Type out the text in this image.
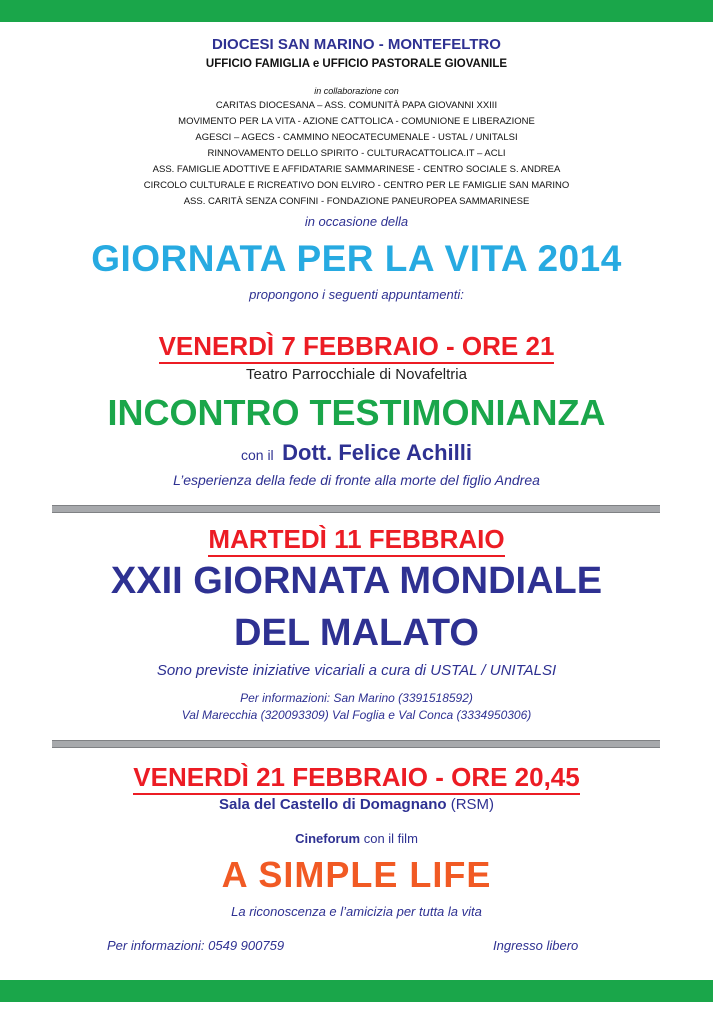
DIOCESI SAN MARINO - MONTEFELTRO
UFFICIO FAMIGLIA e UFFICIO PASTORALE GIOVANILE
in collaborazione con
CARITAS DIOCESANA – ASS. COMUNITÀ PAPA GIOVANNI XXIII
MOVIMENTO PER LA VITA - AZIONE CATTOLICA - COMUNIONE E LIBERAZIONE
AGESCI – AGECS - CAMMINO NEOCATECUMENALE - USTAL / UNITALSI
RINNOVAMENTO DELLO SPIRITO - CULTURACATTOLICA.IT – ACLI
ASS. FAMIGLIE ADOTTIVE E AFFIDATARIE SAMMARINESE - CENTRO SOCIALE S. ANDREA
CIRCOLO CULTURALE E RICREATIVO DON ELVIRO - CENTRO PER LE FAMIGLIE SAN MARINO
ASS. CARITÀ SENZA CONFINI - FONDAZIONE PANEUROPEA SAMMARINESE
in occasione della
GIORNATA PER LA VITA 2014
propongono i seguenti appuntamenti:
VENERDÌ 7 FEBBRAIO - ORE 21
Teatro Parrocchiale di Novafeltria
INCONTRO TESTIMONIANZA
con il Dott. Felice Achilli
L’esperienza della fede di fronte alla morte del figlio Andrea
MARTEDÌ 11 FEBBRAIO
XXII GIORNATA MONDIALE
DEL MALATO
Sono previste iniziative vicariali a cura di USTAL / UNITALSI
Per informazioni: San Marino (3391518592)
Val Marecchia (320093309) Val Foglia e Val Conca (3334950306)
VENERDÌ 21 FEBBRAIO - ORE 20,45
Sala del Castello di Domagnano (RSM)
Cineforum con il film
A SIMPLE LIFE
La riconoscenza e l’amicizia per tutta la vita
Per informazioni: 0549 900759	Ingresso libero
